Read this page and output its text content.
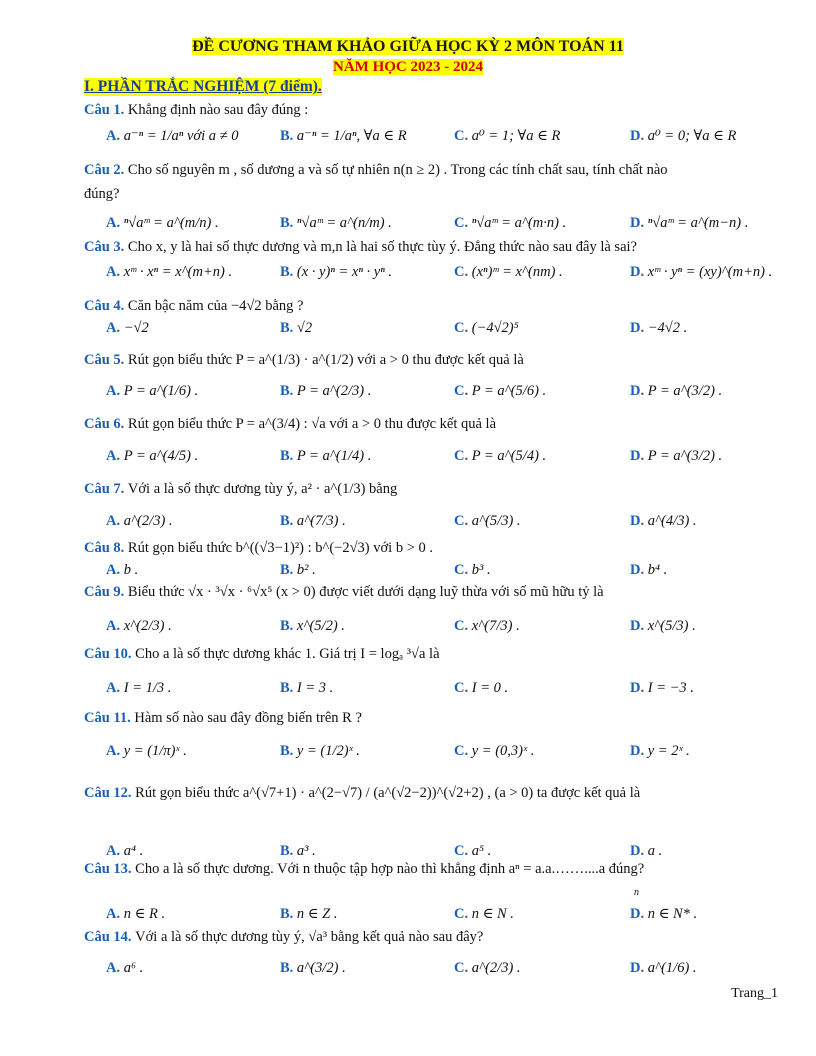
ĐỀ CƯƠNG THAM KHẢO GIỮA HỌC KỲ 2 MÔN TOÁN 11
NĂM HỌC 2023 - 2024
I. PHẦN TRẮC NGHIỆM (7 điểm).
Câu 1. Khẳng định nào sau đây đúng :
A. a⁻ⁿ = 1/aⁿ với a ≠ 0	B. a⁻ⁿ = 1/aⁿ, ∀a ∈ R	C. a⁰ = 1; ∀a ∈ R	D. a⁰ = 0; ∀a ∈ R
Câu 2. Cho số nguyên m , số dương a và số tự nhiên n(n ≥ 2) . Trong các tính chất sau, tính chất nào
đúng?
A. ⁿ√aᵐ = a^(m/n) .	B. ⁿ√aᵐ = a^(n/m) .	C. ⁿ√aᵐ = a^(m·n) .	D. ⁿ√aᵐ = a^(m−n) .
Câu 3. Cho x, y là hai số thực dương và m,n là hai số thực tùy ý. Đẳng thức nào sau đây là sai?
A. xᵐ · xⁿ = x^(m+n) .	B. (x · y)ⁿ = xⁿ · yⁿ .	C. (xⁿ)ᵐ = x^(nm) .	D. xᵐ · yⁿ = (xy)^(m+n) .
Câu 4. Căn bậc năm của −4√2 bằng ?
A. −√2	B. √2	C. (−4√2)⁵	D. −4√2 .
Câu 5. Rút gọn biểu thức P = a^(1/3) · a^(1/2) với a > 0 thu được kết quả là
A. P = a^(1/6) .	B. P = a^(2/3) .	C. P = a^(5/6) .	D. P = a^(3/2) .
Câu 6. Rút gọn biểu thức P = a^(3/4) : √a với a > 0 thu được kết quả là
A. P = a^(4/5) .	B. P = a^(1/4) .	C. P = a^(5/4) .	D. P = a^(3/2) .
Câu 7. Với a là số thực dương tùy ý, a² · a^(1/3) bằng
A. a^(2/3) .	B. a^(7/3) .	C. a^(5/3) .	D. a^(4/3) .
Câu 8. Rút gọn biểu thức b^((√3−1)²) : b^(−2√3) với b > 0 .
A. b .	B. b² .	C. b³ .	D. b⁴ .
Câu 9. Biểu thức √x · ³√x · ⁶√x⁵ (x > 0) được viết dưới dạng luỹ thừa với số mũ hữu tỷ là
A. x^(2/3) .	B. x^(5/2) .	C. x^(7/3) .	D. x^(5/3) .
Câu 10. Cho a là số thực dương khác 1. Giá trị I = logₐ ³√a là
A. I = 1/3 .	B. I = 3 .	C. I = 0 .	D. I = −3 .
Câu 11. Hàm số nào sau đây đồng biến trên R ?
A. y = (1/π)ˣ .	B. y = (1/2)ˣ .	C. y = (0,3)ˣ .	D. y = 2ˣ .
Câu 12. Rút gọn biểu thức a^(√7+1) · a^(2−√7) / (a^(√2−2))^(√2+2) , (a > 0) ta được kết quả là
A. a⁴ .	B. a³ .	C. a⁵ .	D. a .
Câu 13. Cho a là số thực dương. Với n thuộc tập hợp nào thì khẳng định aⁿ = a.a.……....a đúng?
n
A. n ∈ R .	B. n ∈ Z .	C. n ∈ N .	D. n ∈ N* .
Câu 14. Với a là số thực dương tùy ý, √a³ bằng kết quả nào sau đây?
A. a⁶ .	B. a^(3/2) .	C. a^(2/3) .	D. a^(1/6) .
Trang_1
